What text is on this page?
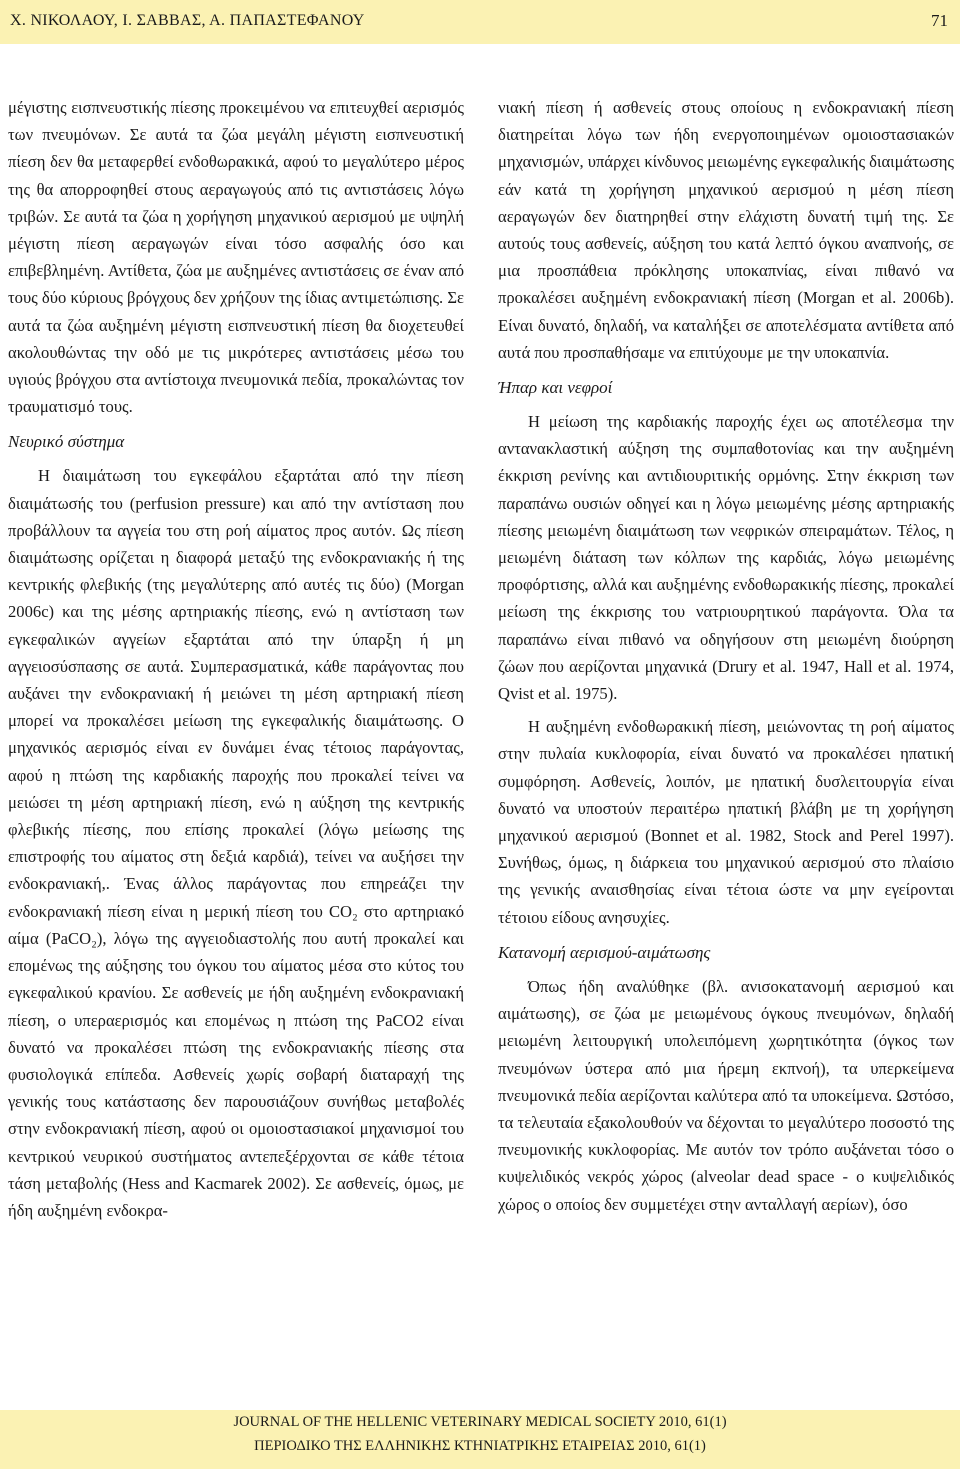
Χ. ΝΙΚΟΛΑΟΥ, Ι. ΣΑΒΒΑΣ, Α. ΠΑΠΑΣΤΕΦΑΝΟΥ	71

μέγιστης εισπνευστικής πίεσης προκειμένου να επιτευχθεί αερισμός των πνευμόνων. Σε αυτά τα ζώα μεγάλη μέγιστη εισπνευστική πίεση δεν θα μεταφερθεί ενδοθωρακικά, αφού το μεγαλύτερο μέρος της θα απορροφηθεί στους αεραγωγούς από τις αντιστάσεις λόγω τριβών. Σε αυτά τα ζώα η χορήγηση μηχανικού αερισμού με υψηλή μέγιστη πίεση αεραγωγών είναι τόσο ασφαλής όσο και επιβεβλημένη. Αντίθετα, ζώα με αυξημένες αντιστάσεις σε έναν από τους δύο κύριους βρόγχους δεν χρήζουν της ίδιας αντιμετώπισης. Σε αυτά τα ζώα αυξημένη μέγιστη εισπνευστική πίεση θα διοχετευθεί ακολουθώντας την οδό με τις μικρότερες αντιστάσεις μέσω του υγιούς βρόγχου στα αντίστοιχα πνευμονικά πεδία, προκαλώντας τον τραυματισμό τους.

Νευρικό σύστημα

Η διαιμάτωση του εγκεφάλου εξαρτάται από την πίεση διαιμάτωσής του (perfusion pressure) και από την αντίσταση που προβάλλουν τα αγγεία του στη ροή αίματος προς αυτόν. Ως πίεση διαιμάτωσης ορίζεται η διαφορά μεταξύ της ενδοκρανιακής ή της κεντρικής φλεβικής (της μεγαλύτερης από αυτές τις δύο) (Morgan 2006c) και της μέσης αρτηριακής πίεσης, ενώ η αντίσταση των εγκεφαλικών αγγείων εξαρτάται από την ύπαρξη ή μη αγγειοσύσπασης σε αυτά. Συμπερασματικά, κάθε παράγοντας που αυξάνει την ενδοκρανιακή ή μειώνει τη μέση αρτηριακή πίεση μπορεί να προκαλέσει μείωση της εγκεφαλικής διαιμάτωσης. Ο μηχανικός αερισμός είναι εν δυνάμει ένας τέτοιος παράγοντας, αφού η πτώση της καρδιακής παροχής που προκαλεί τείνει να μειώσει τη μέση αρτηριακή πίεση, ενώ η αύξηση της κεντρικής φλεβικής πίεσης, που επίσης προκαλεί (λόγω μείωσης της επιστροφής του αίματος στη δεξιά καρδιά), τείνει να αυξήσει την ενδοκρανιακή,. Ένας άλλος παράγοντας που επηρεάζει την ενδοκρανιακή πίεση είναι η μερική πίεση του CO₂ στο αρτηριακό αίμα (PaCO₂), λόγω της αγγειοδιαστολής που αυτή προκαλεί και επομένως της αύξησης του όγκου του αίματος μέσα στο κύτος του εγκεφαλικού κρανίου. Σε ασθενείς με ήδη αυξημένη ενδοκρανιακή πίεση, ο υπεραερισμός και επομένως η πτώση της PaCO2 είναι δυνατό να προκαλέσει πτώση της ενδοκρανιακής πίεσης στα φυσιολογικά επίπεδα. Ασθενείς χωρίς σοβαρή διαταραχή της γενικής τους κατάστασης δεν παρουσιάζουν συνήθως μεταβολές στην ενδοκρανιακή πίεση, αφού οι ομοιοστασιακοί μηχανισμοί του κεντρικού νευρικού συστήματος αντεπεξέρχονται σε κάθε τέτοια τάση μεταβολής (Hess and Kacmarek 2002). Σε ασθενείς, όμως, με ήδη αυξημένη ενδοκρα-

νιακή πίεση ή ασθενείς στους οποίους η ενδοκρανιακή πίεση διατηρείται λόγω των ήδη ενεργοποιημένων ομοιοστασιακών μηχανισμών, υπάρχει κίνδυνος μειωμένης εγκεφαλικής διαιμάτωσης εάν κατά τη χορήγηση μηχανικού αερισμού η μέση πίεση αεραγωγών δεν διατηρηθεί στην ελάχιστη δυνατή τιμή της. Σε αυτούς τους ασθενείς, αύξηση του κατά λεπτό όγκου αναπνοής, σε μια προσπάθεια πρόκλησης υποκαπνίας, είναι πιθανό να προκαλέσει αυξημένη ενδοκρανιακή πίεση (Morgan et al. 2006b). Είναι δυνατό, δηλαδή, να καταλήξει σε αποτελέσματα αντίθετα από αυτά που προσπαθήσαμε να επιτύχουμε με την υποκαπνία.

Ήπαρ και νεφροί

Η μείωση της καρδιακής παροχής έχει ως αποτέλεσμα την αντανακλαστική αύξηση της συμπαθοτονίας και την αυξημένη έκκριση ρενίνης και αντιδιουριτικής ορμόνης. Στην έκκριση των παραπάνω ουσιών οδηγεί και η λόγω μειωμένης μέσης αρτηριακής πίεσης μειωμένη διαιμάτωση των νεφρικών σπειραμάτων. Τέλος, η μειωμένη διάταση των κόλπων της καρδιάς, λόγω μειωμένης προφόρτισης, αλλά και αυξημένης ενδοθωρακικής πίεσης, προκαλεί μείωση της έκκρισης του νατριουρητικού παράγοντα. Όλα τα παραπάνω είναι πιθανό να οδηγήσουν στη μειωμένη διούρηση ζώων που αερίζονται μηχανικά (Drury et al. 1947, Hall et al. 1974, Qvist et al. 1975).

Η αυξημένη ενδοθωρακική πίεση, μειώνοντας τη ροή αίματος στην πυλαία κυκλοφορία, είναι δυνατό να προκαλέσει ηπατική συμφόρηση. Ασθενείς, λοιπόν, με ηπατική δυσλειτουργία είναι δυνατό να υποστούν περαιτέρω ηπατική βλάβη με τη χορήγηση μηχανικού αερισμού (Bonnet et al. 1982, Stock and Perel 1997). Συνήθως, όμως, η διάρκεια του μηχανικού αερισμού στο πλαίσιο της γενικής αναισθησίας είναι τέτοια ώστε να μην εγείρονται τέτοιου είδους ανησυχίες.

Κατανομή αερισμού-αιμάτωσης

Όπως ήδη αναλύθηκε (βλ. ανισοκατανομή αερισμού και αιμάτωσης), σε ζώα με μειωμένους όγκους πνευμόνων, δηλαδή μειωμένη λειτουργική υπολειπόμενη χωρητικότητα (όγκος των πνευμόνων ύστερα από μια ήρεμη εκπνοή), τα υπερκείμενα πνευμονικά πεδία αερίζονται καλύτερα από τα υποκείμενα. Ωστόσο, τα τελευταία εξακολουθούν να δέχονται το μεγαλύτερο ποσοστό της πνευμονικής κυκλοφορίας. Με αυτόν τον τρόπο αυξάνεται τόσο ο κυψελιδικός νεκρός χώρος (alveolar dead space - ο κυψελιδικός χώρος ο οποίος δεν συμμετέχει στην ανταλλαγή αερίων), όσο

JOURNAL OF THE HELLENIC VETERINARY MEDICAL SOCIETY 2010, 61(1)
ΠΕΡΙΟΔΙΚΟ ΤΗΣ ΕΛΛΗΝΙΚΗΣ ΚΤΗΝΙΑΤΡΙΚΗΣ ΕΤΑΙΡΕΙΑΣ 2010, 61(1)
